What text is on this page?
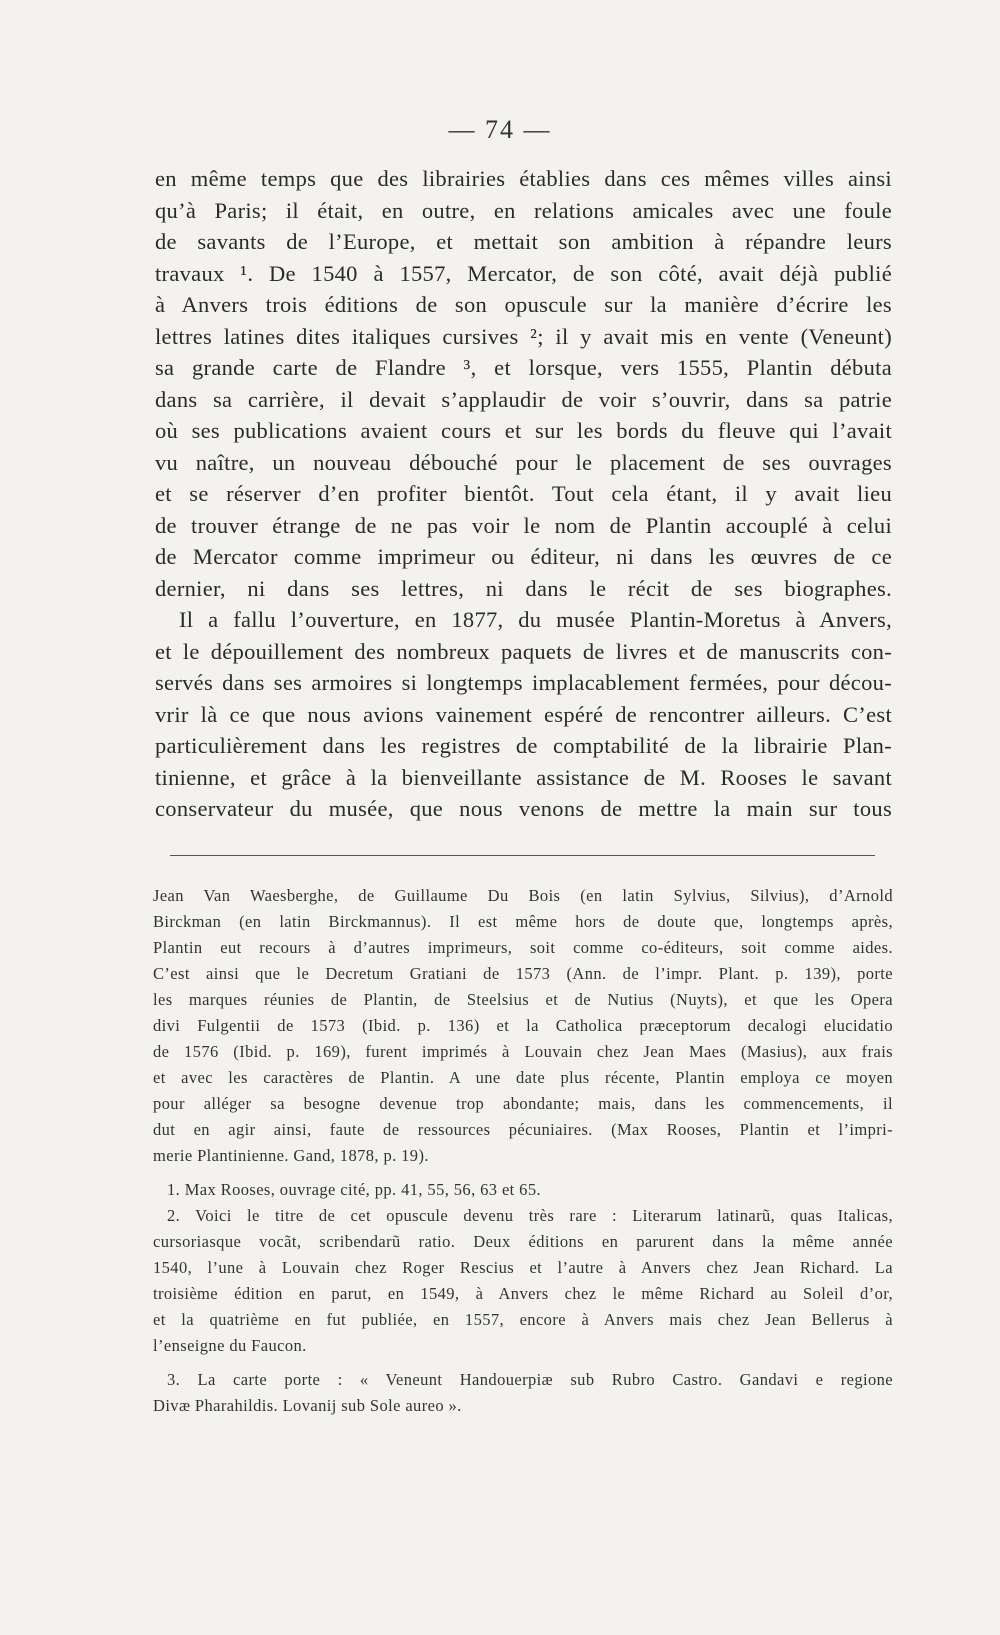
— 74 —
en même temps que des librairies établies dans ces mêmes villes ainsi
qu’à Paris; il était, en outre, en relations amicales avec une foule
de savants de l’Europe, et mettait son ambition à répandre leurs
travaux ¹. De 1540 à 1557, Mercator, de son côté, avait déjà publié
à Anvers trois éditions de son opuscule sur la manière d’écrire les
lettres latines dites italiques cursives ²; il y avait mis en vente (Veneunt)
sa grande carte de Flandre ³, et lorsque, vers 1555, Plantin débuta
dans sa carrière, il devait s’applaudir de voir s’ouvrir, dans sa patrie
où ses publications avaient cours et sur les bords du fleuve qui l’avait
vu naître, un nouveau débouché pour le placement de ses ouvrages
et se réserver d’en profiter bientôt. Tout cela étant, il y avait lieu
de trouver étrange de ne pas voir le nom de Plantin accouplé à celui
de Mercator comme imprimeur ou éditeur, ni dans les œuvres de ce
dernier, ni dans ses lettres, ni dans le récit de ses biographes.
Il a fallu l’ouverture, en 1877, du musée Plantin-Moretus à Anvers,
et le dépouillement des nombreux paquets de livres et de manuscrits con-
servés dans ses armoires si longtemps implacablement fermées, pour décou-
vrir là ce que nous avions vainement espéré de rencontrer ailleurs. C’est
particulièrement dans les registres de comptabilité de la librairie Plan-
tinienne, et grâce à la bienveillante assistance de M. Rooses le savant
conservateur du musée, que nous venons de mettre la main sur tous
Jean Van Waesberghe, de Guillaume Du Bois (en latin Sylvius, Silvius), d’Arnold
Birckman (en latin Birckmannus). Il est même hors de doute que, longtemps après,
Plantin eut recours à d’autres imprimeurs, soit comme co-éditeurs, soit comme aides.
C’est ainsi que le Decretum Gratiani de 1573 (Ann. de l’impr. Plant. p. 139), porte
les marques réunies de Plantin, de Steelsius et de Nutius (Nuyts), et que les Opera
divi Fulgentii de 1573 (Ibid. p. 136) et la Catholica præceptorum decalogi elucidatio
de 1576 (Ibid. p. 169), furent imprimés à Louvain chez Jean Maes (Masius), aux frais
et avec les caractères de Plantin. A une date plus récente, Plantin employa ce moyen
pour alléger sa besogne devenue trop abondante; mais, dans les commencements, il
dut en agir ainsi, faute de ressources pécuniaires. (Max Rooses, Plantin et l’impri-
merie Plantinienne. Gand, 1878, p. 19).
1. Max Rooses, ouvrage cité, pp. 41, 55, 56, 63 et 65.
2. Voici le titre de cet opuscule devenu très rare : Literarum latinarũ, quas Italicas,
cursoriasque vocãt, scribendarũ ratio. Deux éditions en parurent dans la même année
1540, l’une à Louvain chez Roger Rescius et l’autre à Anvers chez Jean Richard. La
troisième édition en parut, en 1549, à Anvers chez le même Richard au Soleil d’or,
et la quatrième en fut publiée, en 1557, encore à Anvers mais chez Jean Bellerus à
l’enseigne du Faucon.
3. La carte porte : « Veneunt Handouerpiæ sub Rubro Castro. Gandavi e regione
Divæ Pharahildis. Lovanij sub Sole aureo ».
